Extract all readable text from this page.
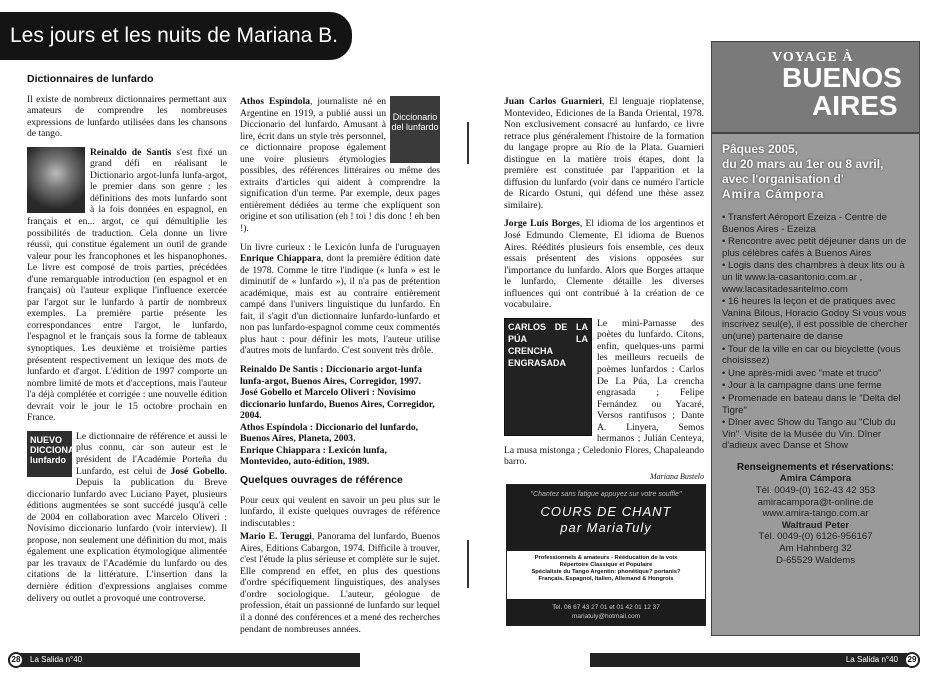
Les jours et les nuits de Mariana B.
Dictionnaires de lunfardo

Il existe de nombreux dictionnaires permettant aux amateurs de comprendre les nombreuses expressions de lunfardo utilisées dans les chansons de tango.

Reinaldo de Santis s'est fixé un grand défi en réalisant le Dictionario argot-lunfa lunfa-argot, le premier dans son genre : les définitions des mots lunfardo sont à la fois données en espagnol, en français et en... argot, ce qui démultiplie les possibilités de traduction. Cela donne un livre réussi, qui constitue également un outil de grande valeur pour les francophones et les hispanophones. Le livre est composé de trois parties, précédées d'une remarquable introduction (en espagnol et en français) où l'auteur explique l'influence exercée par l'argot sur le lunfardo à partir de nombreux exemples. La première partie présente les correspondances entre l'argot, le lunfardo, l'espagnol et le français sous la forme de tableaux synoptiques. Les deuxième et troisième parties présentent respectivement un lexique des mots de lunfardo et d'argot. L'édition de 1997 comporte un nombre limité de mots et d'acceptions, mais l'auteur l'a déjà complétée et corrigée : une nouvelle édition devrait voir le jour le 15 octobre prochain en France.

NUEVO DICCIONARIO lunfardo
Le dictionnaire de référence et aussi le plus connu, car son auteur est le président de l'Académie Porteña du Lunfardo, est celui de José Gobello. Depuis la publication du Breve diccionario lunfardo avec Luciano Payet, plusieurs éditions augmentées se sont succédé jusqu'à celle de 2004 en collaboration avec Marcelo Oliveri : Novísimo diccionario lunfardo (voir interview). Il propose, non seulement une définition du mot, mais également une explication étymologique alimentée par les travaux de l'Académie du lunfardo ou des citations de la littérature. L'insertion dans la dernière édition d'expressions anglaises comme delivery ou outlet a provoqué une controverse.

Diccionario del lunfardo
Athos Espíndola, journaliste né en Argentine en 1919, a publié aussi un Diccionario del lunfardo. Amusant à lire, écrit dans un style très personnel, ce dictionnaire propose également une voire plusieurs étymologies possibles, des références littéraires ou même des extraits d'articles qui aident à comprendre la signification d'un terme. Par exemple, deux pages entièrement dédiées au terme che expliquent son origine et son utilisation (eh ! toi ! dis donc ! eh ben !).

Un livre curieux : le Lexicón lunfa de l'uruguayen Enrique Chiappara, dont la première édition date de 1978. Comme le titre l'indique (« lunfa » est le diminutif de « lunfardo »), il n'a pas de prétention académique, mais est au contraire entièrement campé dans l'univers linguistique du lunfardo. En fait, il s'agit d'un dictionnaire lunfardo-lunfardo et non pas lunfardo-espagnol comme ceux commentés plus haut : pour définir les mots, l'auteur utilise d'autres mots de lunfardo. C'est souvent très drôle.

Reinaldo De Santis : Diccionario argot-lunfa lunfa-argot, Buenos Aires, Corregidor, 1997.
José Gobello et Marcelo Oliveri : Novísimo diccionario lunfardo, Buenos Aires, Corregidor, 2004.
Athos Espíndola : Diccionario del lunfardo, Buenos Aires, Planeta, 2003.
Enrique Chiappara : Lexicón lunfa, Montevideo, auto-édition, 1989.

Quelques ouvrages de référence

Pour ceux qui veulent en savoir un peu plus sur le lunfardo, il existe quelques ouvrages de référence indiscutables :

Mario E. Teruggi, Panorama del lunfardo, Buenos Aires, Editions Cabargon, 1974. Difficile à trouver, c'est l'étude la plus sérieuse et complète sur le sujet. Elle comprend en effet, en plus des questions d'ordre spécifiquement linguistiques, des analyses d'ordre sociologique. L'auteur, géologue de profession, était un passionné de lunfardo sur lequel il a donné des conférences et a mené des recherches pendant de nombreuses années.

Juan Carlos Guarnieri, El lenguaje rioplatense, Montevideo, Ediciones de la Banda Oriental, 1978. Non exclusivement consacré au lunfardo, ce livre retrace plus généralement l'histoire de la formation du langage propre au Río de la Plata. Guarnieri distingue en la matière trois étapes, dont la première est constituée par l'apparition et la diffusion du lunfardo (voir dans ce numéro l'article de Ricardo Ostuni, qui défend une thèse assez similaire).

Jorge Luis Borges, El idioma de los argentinos et José Edmundo Clemente, El idioma de Buenos Aires. Réédités plusieurs fois ensemble, ces deux essais présentent des visions opposées sur l'importance du lunfardo. Alors que Borges attaque le lunfardo, Clemente détaille les diverses influences qui ont contribué à la création de ce vocabulaire.

CARLOS DE LA PÚA LA CRENCHA ENGRASADA
Le mini-Parnasse des poètes du lunfardo. Citons, enfin, quelques-uns parmi les meilleurs recueils de poèmes lunfardos : Carlos De La Púa, La crencha engrasada ; Felipe Fernández ou Yacaré, Versos rantifusos ; Dante A. Linyera, Semos hermanos ; Julián Centeya, La musa mistonga ; Celedonio Flores, Chapaleando barro.

Mariana Bustelo
"Chantez sans fatigue appuyez sur votre souffle"
COURS DE CHANT
par MariaTuly
Professionnels & amateurs - Rééducation de la voix
Répertoire Classique et Populaire
Spécialiste du Tango Argentin: phonétique? portanis?
Français, Espagnol, Italien, Allemand & Hongrois
Tel. 06 67 43 27 01 et 01 42 01 12 37
mariatuly@hotmail.com
VOYAGE À
BUENOS
AIRES
Pâques 2005,
du 20 mars au 1er ou 8 avril,
avec l'organisation d'
Amira Cámpora
• Transfert Aéroport Ezeiza - Centre de Buenos Aires - Ezeiza
• Rencontre avec petit déjeuner dans un de plus célèbres cafés à Buenos Aires
• Logis dans des chambres à deux lits ou à un lit www.la-casantonio.com.ar , www.lacasitadesantelmo.com
• 16 heures la leçon et de pratiques avec Vanina Bilous, Horacio Godoy Si vous vous inscrivez seul(e), il est possible de chercher un(une) partenaire de danse
• Tour de la ville en car ou bicyclette (vous choisissez)
• Une après-midi avec "mate et truco"
• Jour à la campagne dans une ferme
• Promenade en bateau dans le "Delta del Tigre"
• Dîner avec Show du Tango au "Club du Vin". Visite de la Musée du Vin. Dîner d'adieux avec Danse et Show
Renseignements et réservations:
Amira Cámpora
Tél. 0049-(0) 162-43 42 353
amiracampora@t-online.de
www.amira-tango.com.ar
Waltraud Peter
Tél. 0049-(0) 6126-956167
Am Hahnberg 32
D-65529 Waldems
28	La Salida n°40	La Salida n°40	29
